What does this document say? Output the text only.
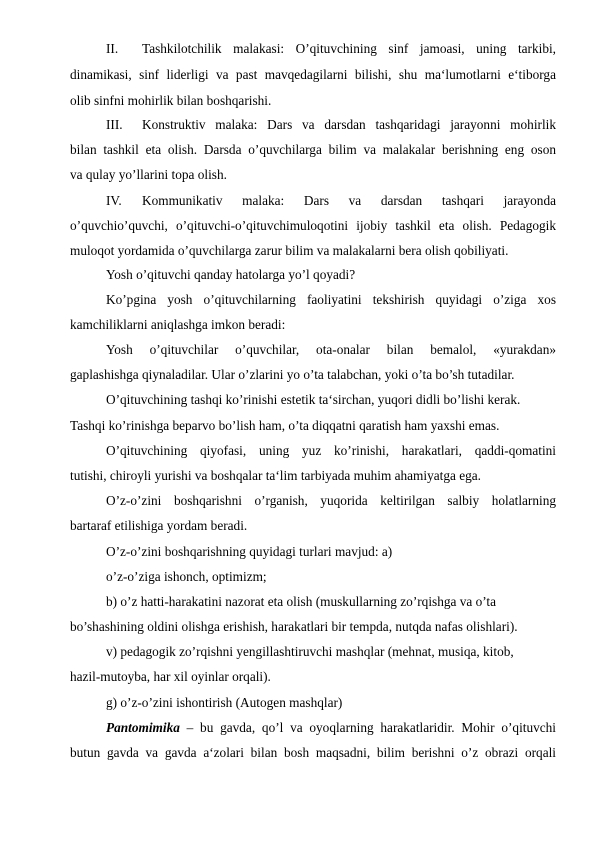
II. Tashkilotchilik malakasi: O’qituvchining sinf jamoasi, uning tarkibi,
dinamikasi, sinf liderligi va past mavqedagilarni bilishi, shu ma‘lumotlarni e‘tiborga
olib sinfni mohirlik bilan boshqarishi.
III. Konstruktiv malaka: Dars va darsdan tashqaridagi jarayonni mohirlik
bilan tashkil eta olish. Darsda o’quvchilarga bilim va malakalar berishning eng oson
va qulay yo’llarini topa olish.
IV. Kommunikativ malaka: Dars va darsdan tashqari jarayonda
o’quvchio’quvchi, o’qituvchi-o’qituvchimuloqotini ijobiy tashkil eta olish. Pedagogik
muloqot yordamida o’quvchilarga zarur bilim va malakalarni bera olish qobiliyati.
Yosh o’qituvchi qanday hatolarga yo’l qoyadi?
Ko’pgina yosh o’qituvchilarning faoliyatini tekshirish quyidagi o’ziga xos
kamchiliklarni aniqlashga imkon beradi:
Yosh o’qituvchilar o’quvchilar, ota-onalar bilan bemalol, «yurakdan»
gaplashishga qiynaladilar. Ular o’zlarini yo o’ta talabchan, yoki o’ta bo’sh tutadilar.
O’qituvchining tashqi ko’rinishi estetik ta‘sirchan, yuqori didli bo’lishi kerak.
Tashqi ko’rinishga beparvo bo’lish ham, o’ta diqqatni qaratish ham yaxshi emas.
O’qituvchining qiyofasi, uning yuz ko’rinishi, harakatlari, qaddi-qomatini
tutishi, chiroyli yurishi va boshqalar ta‘lim tarbiyada muhim ahamiyatga ega.
O’z-o’zini boshqarishni o’rganish, yuqorida keltirilgan salbiy holatlarning
bartaraf etilishiga yordam beradi.
O’z-o’zini boshqarishning quyidagi turlari mavjud: a)
o’z-o’ziga ishonch, optimizm;
b) o’z hatti-harakatini nazorat eta olish (muskullarning zo’rqishga va o’ta
bo’shashining oldini olishga erishish, harakatlari bir tempda, nutqda nafas olishlari).
v) pedagogik zo’rqishni yengillashtiruvchi mashqlar (mehnat, musiqa, kitob,
hazil-mutoyba, har xil oyinlar orqali).
g) o’z-o’zini ishontirish (Autogen mashqlar)
Pantomimika – bu gavda, qo’l va oyoqlarning harakatlaridir. Mohir o’qituvchi
butun gavda va gavda a‘zolari bilan bosh maqsadni, bilim berishni o’z obrazi orqali
